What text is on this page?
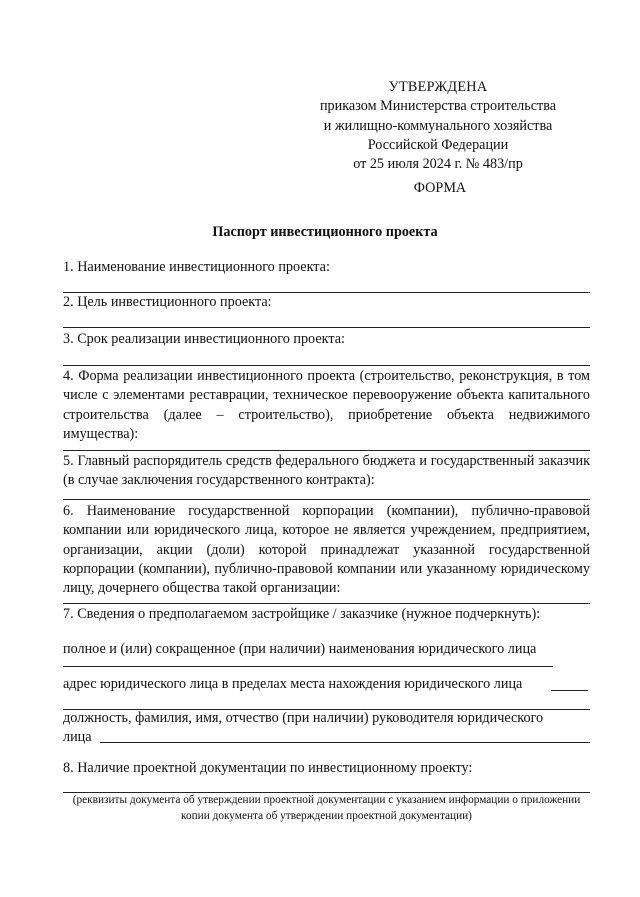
УТВЕРЖДЕНА
приказом Министерства строительства
и жилищно-коммунального хозяйства
Российской Федерации
от 25 июля 2024 г. № 483/пр
ФОРМА
Паспорт инвестиционного проекта
1. Наименование инвестиционного проекта:
2. Цель инвестиционного проекта:
3. Срок реализации инвестиционного проекта:
4. Форма реализации инвестиционного проекта (строительство, реконструкция, в том числе с элементами реставрации, техническое перевооружение объекта капитального строительства (далее – строительство), приобретение объекта недвижимого имущества):
5. Главный распорядитель средств федерального бюджета и государственный заказчик (в случае заключения государственного контракта):
6. Наименование государственной корпорации (компании), публично-правовой компании или юридического лица, которое не является учреждением, предприятием, организации, акции (доли) которой принадлежат указанной государственной корпорации (компании), публично-правовой компании или указанному юридическому лицу, дочернего общества такой организации:
7. Сведения о предполагаемом застройщике / заказчике (нужное подчеркнуть):
полное и (или) сокращенное (при наличии) наименования юридического лица
адрес юридического лица в пределах места нахождения юридического лица
должность, фамилия, имя, отчество (при наличии) руководителя юридического
лица
8. Наличие проектной документации по инвестиционному проекту:
(реквизиты документа об утверждении проектной документации с указанием информации о приложении копии документа об утверждении проектной документации)
